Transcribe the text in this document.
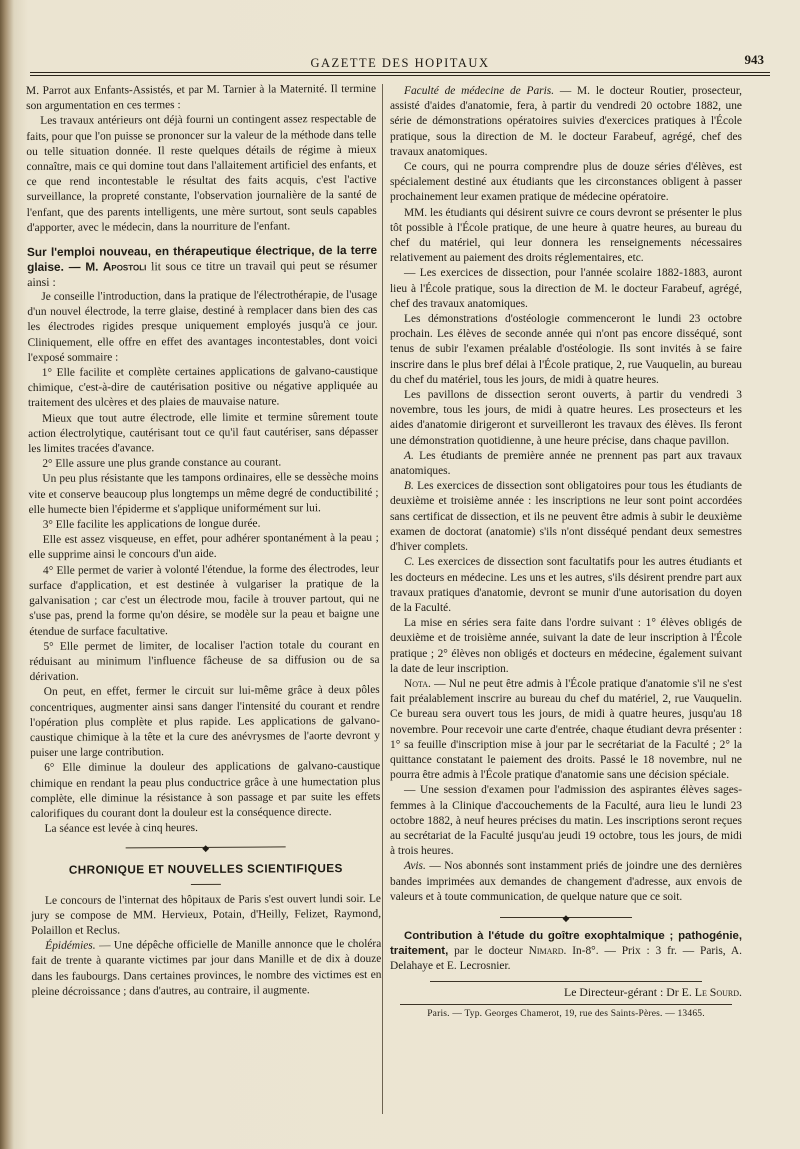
GAZETTE DES HOPITAUX	943

M. Parrot aux Enfants-Assistés, et par M. Tarnier à la Maternité. Il termine son argumentation en ces termes :

Les travaux antérieurs ont déjà fourni un contingent assez respectable de faits, pour que l'on puisse se prononcer sur la valeur de la méthode dans telle ou telle situation donnée. Il reste quelques détails de régime à mieux connaître, mais ce qui domine tout dans l'allaitement artificiel des enfants, et ce que rend incontestable le résultat des faits acquis, c'est l'active surveillance, la propreté constante, l'observation journalière de la santé de l'enfant, que des parents intelligents, une mère surtout, sont seuls capables d'apporter, avec le médecin, dans la nourriture de l'enfant.

Sur l'emploi nouveau, en thérapeutique électrique, de la terre glaise. — M. Apostoli lit sous ce titre un travail qui peut se résumer ainsi :

Je conseille l'introduction, dans la pratique de l'électrothérapie, de l'usage d'un nouvel électrode, la terre glaise, destiné à remplacer dans bien des cas les électrodes rigides presque uniquement employés jusqu'à ce jour. Cliniquement, elle offre en effet des avantages incontestables, dont voici l'exposé sommaire :

1° Elle facilite et complète certaines applications de galvano-caustique chimique, c'est-à-dire de cautérisation positive ou négative appliquée au traitement des ulcères et des plaies de mauvaise nature.

Mieux que tout autre électrode, elle limite et termine sûrement toute action électrolytique, cautérisant tout ce qu'il faut cautériser, sans dépasser les limites tracées d'avance.

2° Elle assure une plus grande constance au courant.

Un peu plus résistante que les tampons ordinaires, elle se dessèche moins vite et conserve beaucoup plus longtemps un même degré de conductibilité ; elle humecte bien l'épiderme et s'applique uniformément sur lui.

3° Elle facilite les applications de longue durée.

Elle est assez visqueuse, en effet, pour adhérer spontanément à la peau ; elle supprime ainsi le concours d'un aide.

4° Elle permet de varier à volonté l'étendue, la forme des électrodes, leur surface d'application, et est destinée à vulgariser la pratique de la galvanisation ; car c'est un électrode mou, facile à trouver partout, qui ne s'use pas, prend la forme qu'on désire, se modèle sur la peau et baigne une étendue de surface facultative.

5° Elle permet de limiter, de localiser l'action totale du courant en réduisant au minimum l'influence fâcheuse de sa diffusion ou de sa dérivation.

On peut, en effet, fermer le circuit sur lui-même grâce à deux pôles concentriques, augmenter ainsi sans danger l'intensité du courant et rendre l'opération plus complète et plus rapide. Les applications de galvano-caustique chimique à la tête et la cure des anévrysmes de l'aorte devront y puiser une large contribution.

6° Elle diminue la douleur des applications de galvano-caustique chimique en rendant la peau plus conductrice grâce à une humectation plus complète, elle diminue la résistance à son passage et par suite les effets calorifiques du courant dont la douleur est la conséquence directe.

La séance est levée à cinq heures.

◆
CHRONIQUE ET NOUVELLES SCIENTIFIQUES

Le concours de l'internat des hôpitaux de Paris s'est ouvert lundi soir. Le jury se compose de MM. Hervieux, Potain, d'Heilly, Felizet, Raymond, Polaillon et Reclus.

Épidémies. — Une dépêche officielle de Manille annonce que le choléra fait de trente à quarante victimes par jour dans Manille et de dix à douze dans les faubourgs. Dans certaines provinces, le nombre des victimes est en pleine décroissance ; dans d'autres, au contraire, il augmente.

Faculté de médecine de Paris. — M. le docteur Routier, prosecteur, assisté d'aides d'anatomie, fera, à partir du vendredi 20 octobre 1882, une série de démonstrations opératoires suivies d'exercices pratiques à l'École pratique, sous la direction de M. le docteur Farabeuf, agrégé, chef des travaux anatomiques.

Ce cours, qui ne pourra comprendre plus de douze séries d'élèves, est spécialement destiné aux étudiants que les circonstances obligent à passer prochainement leur examen pratique de médecine opératoire.

MM. les étudiants qui désirent suivre ce cours devront se présenter le plus tôt possible à l'École pratique, de une heure à quatre heures, au bureau du chef du matériel, qui leur donnera les renseignements nécessaires relativement au paiement des droits réglementaires, etc.

— Les exercices de dissection, pour l'année scolaire 1882-1883, auront lieu à l'École pratique, sous la direction de M. le docteur Farabeuf, agrégé, chef des travaux anatomiques.

Les démonstrations d'ostéologie commenceront le lundi 23 octobre prochain. Les élèves de seconde année qui n'ont pas encore disséqué, sont tenus de subir l'examen préalable d'ostéologie. Ils sont invités à se faire inscrire dans le plus bref délai à l'École pratique, 2, rue Vauquelin, au bureau du chef du matériel, tous les jours, de midi à quatre heures.

Les pavillons de dissection seront ouverts, à partir du vendredi 3 novembre, tous les jours, de midi à quatre heures. Les prosecteurs et les aides d'anatomie dirigeront et surveilleront les travaux des élèves. Ils feront une démonstration quotidienne, à une heure précise, dans chaque pavillon.

A. Les étudiants de première année ne prennent pas part aux travaux anatomiques.

B. Les exercices de dissection sont obligatoires pour tous les étudiants de deuxième et troisième année : les inscriptions ne leur sont point accordées sans certificat de dissection, et ils ne peuvent être admis à subir le deuxième examen de doctorat (anatomie) s'ils n'ont disséqué pendant deux semestres d'hiver complets.

C. Les exercices de dissection sont facultatifs pour les autres étudiants et les docteurs en médecine. Les uns et les autres, s'ils désirent prendre part aux travaux pratiques d'anatomie, devront se munir d'une autorisation du doyen de la Faculté.

La mise en séries sera faite dans l'ordre suivant : 1° élèves obligés de deuxième et de troisième année, suivant la date de leur inscription à l'École pratique ; 2° élèves non obligés et docteurs en médecine, également suivant la date de leur inscription.

Nota. — Nul ne peut être admis à l'École pratique d'anatomie s'il ne s'est fait préalablement inscrire au bureau du chef du matériel, 2, rue Vauquelin. Ce bureau sera ouvert tous les jours, de midi à quatre heures, jusqu'au 18 novembre. Pour recevoir une carte d'entrée, chaque étudiant devra présenter : 1° sa feuille d'inscription mise à jour par le secrétariat de la Faculté ; 2° la quittance constatant le paiement des droits. Passé le 18 novembre, nul ne pourra être admis à l'École pratique d'anatomie sans une décision spéciale.

— Une session d'examen pour l'admission des aspirantes élèves sages-femmes à la Clinique d'accouchements de la Faculté, aura lieu le lundi 23 octobre 1882, à neuf heures précises du matin. Les inscriptions seront reçues au secrétariat de la Faculté jusqu'au jeudi 19 octobre, tous les jours, de midi à trois heures.

Avis. — Nos abonnés sont instamment priés de joindre une des dernières bandes imprimées aux demandes de changement d'adresse, aux envois de valeurs et à toute communication, de quelque nature que ce soit.

◆

Contribution à l'étude du goître exophtalmique ; pathogénie, traitement, par le docteur Nimard. In-8°. — Prix : 3 fr. — Paris, A. Delahaye et E. Lecrosnier.

Le Directeur-gérant : Dr E. Le Sourd.
Paris. — Typ. Georges Chamerot, 19, rue des Saints-Pères. — 13465.
